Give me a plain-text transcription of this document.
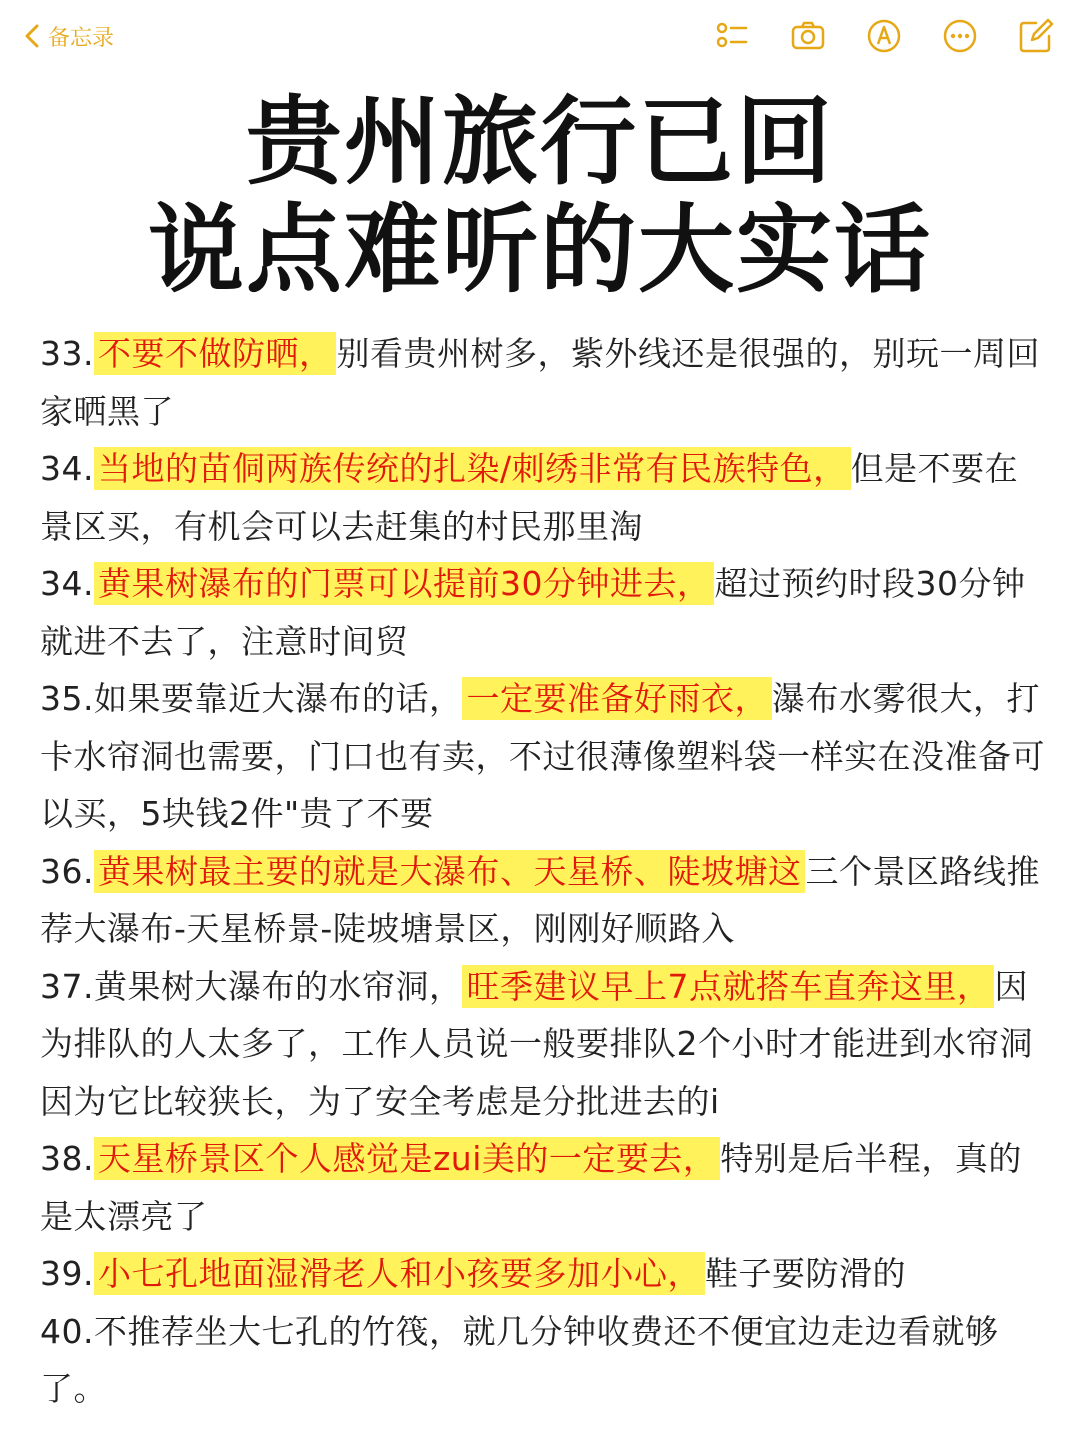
备忘录
贵州旅行已回
说点难听的大实话

33. 不要不做防晒， 别看贵州树多，紫外线还是很强的，别玩一周回家晒黑了

34. 当地的苗侗两族传统的扎染/刺绣非常有民族特色， 但是不要在景区买，有机会可以去赶集的村民那里淘

34. 黄果树瀑布的门票可以提前30分钟进去， 超过预约时段30分钟就进不去了，注意时间贸

35.如果要靠近大瀑布的话， 一定要准备好雨衣， 瀑布水雾很大，打卡水帘洞也需要，门口也有卖，不过很薄像塑料袋一样实在没准备可以买，5块钱2件"贵了不要

36. 黄果树最主要的就是大瀑布、天星桥、陡坡塘这 三个景区路线推荐大瀑布-天星桥景-陡坡塘景区，刚刚好顺路入

37.黄果树大瀑布的水帘洞， 旺季建议早上7点就搭车直奔这里， 因为排队的人太多了，工作人员说一般要排队2个小时才能进到水帘洞因为它比较狭长，为了安全考虑是分批进去的i

38. 天星桥景区个人感觉是zui美的一定要去， 特别是后半程，真的是太漂亮了

39. 小七孔地面湿滑老人和小孩要多加小心， 鞋子要防滑的

40.不推荐坐大七孔的竹筏，就几分钟收费还不便宜边走边看就够了。
